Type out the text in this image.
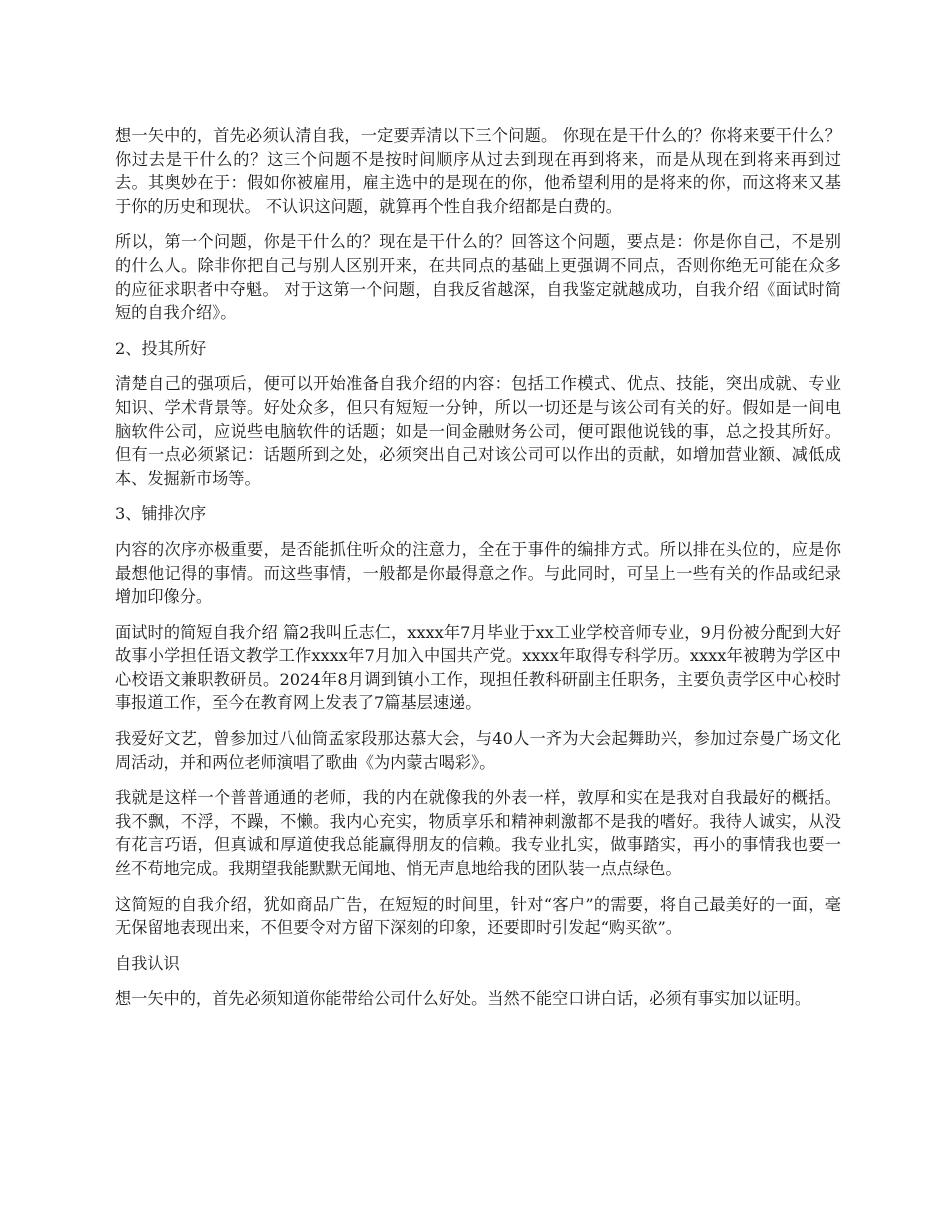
想一矢中的，首先必须认清自我，一定要弄清以下三个问题。 你现在是干什么的？你将来要干什么？你过去是干什么的？这三个问题不是按时间顺序从过去到现在再到将来，而是从现在到将来再到过去。其奥妙在于：假如你被雇用，雇主选中的是现在的你，他希望利用的是将来的你，而这将来又基于你的历史和现状。 不认识这问题，就算再个性自我介绍都是白费的。

所以，第一个问题，你是干什么的？现在是干什么的？回答这个问题，要点是：你是你自己，不是别的什么人。除非你把自己与别人区别开来，在共同点的基础上更强调不同点，否则你绝无可能在众多的应征求职者中夺魁。 对于这第一个问题，自我反省越深，自我鉴定就越成功，自我介绍《面试时简短的自我介绍》。

2、投其所好

清楚自己的强项后，便可以开始准备自我介绍的内容：包括工作模式、优点、技能，突出成就、专业知识、学术背景等。好处众多，但只有短短一分钟，所以一切还是与该公司有关的好。假如是一间电脑软件公司，应说些电脑软件的话题；如是一间金融财务公司，便可跟他说钱的事，总之投其所好。但有一点必须紧记：话题所到之处，必须突出自己对该公司可以作出的贡献，如增加营业额、减低成本、发掘新市场等。

3、铺排次序

内容的次序亦极重要，是否能抓住听众的注意力，全在于事件的编排方式。所以排在头位的，应是你最想他记得的事情。而这些事情，一般都是你最得意之作。与此同时，可呈上一些有关的作品或纪录增加印像分。

面试时的简短自我介绍 篇2我叫丘志仁，xxxx年7月毕业于xx工业学校音师专业，9月份被分配到大好故事小学担任语文教学工作xxxx年7月加入中国共产党。xxxx年取得专科学历。xxxx年被聘为学区中心校语文兼职教研员。2024年8月调到镇小工作，现担任教科研副主任职务，主要负责学区中心校时事报道工作，至今在教育网上发表了7篇基层速递。

我爱好文艺，曾参加过八仙筒孟家段那达慕大会，与40人一齐为大会起舞助兴，参加过奈曼广场文化周活动，并和两位老师演唱了歌曲《为内蒙古喝彩》。

我就是这样一个普普通通的老师，我的内在就像我的外表一样，敦厚和实在是我对自我最好的概括。我不飘，不浮，不躁，不懒。我内心充实，物质享乐和精神刺激都不是我的嗜好。我待人诚实，从没有花言巧语，但真诚和厚道使我总能赢得朋友的信赖。我专业扎实，做事踏实，再小的事情我也要一丝不苟地完成。我期望我能默默无闻地、悄无声息地给我的团队装一点点绿色。

这简短的自我介绍，犹如商品广告，在短短的时间里，针对“客户”的需要，将自己最美好的一面，毫无保留地表现出来，不但要令对方留下深刻的印象，还要即时引发起“购买欲”。

自我认识

想一矢中的，首先必须知道你能带给公司什么好处。当然不能空口讲白话，必须有事实加以证明。
